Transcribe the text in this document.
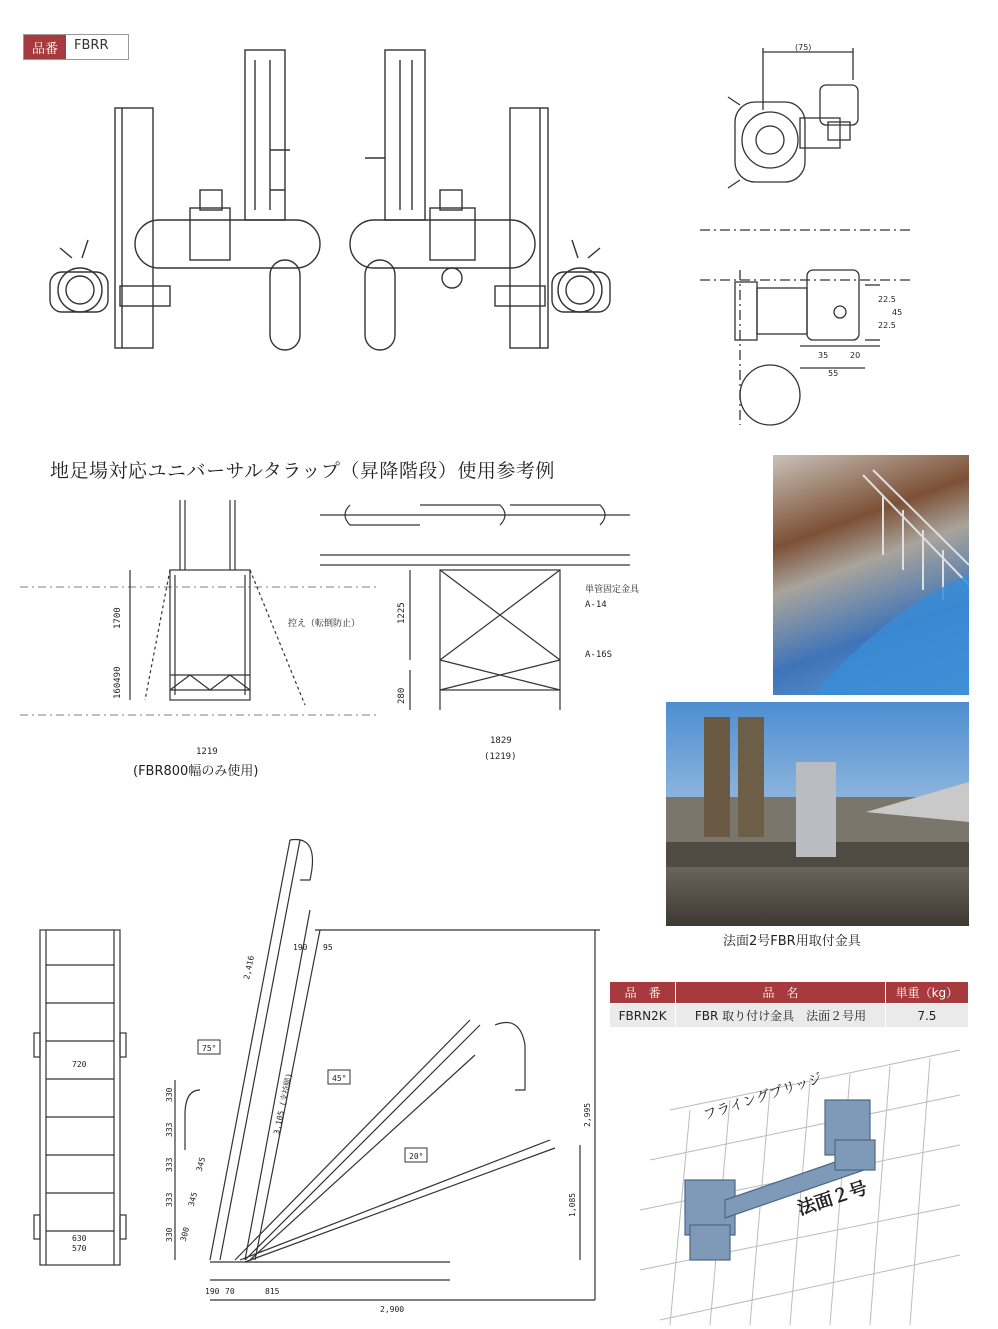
品番	FBRR	(75)
22.5
22.5
45
35	20
55
地足場対応ユニバーサルタラップ（昇降階段）使用参考例
1700
160490
1219
控え（転倒防止）
(FBR800幅のみ使用)
1225
280
1829
(1219)
単管固定金具
A-14
A-16S
法面2号FBR用取付金具
品　番	品　名	単重（kg）
FBRN2K	FBR 取り付け金具　法面２号用	7.5
720
630
570
75°
45°
20°
190 95
2,416
3,105 (支持脚)
330
333
333
333
330
345
345
300
2,995
1,085
190 70	815
2,900
フライングブリッジ
法面２号
